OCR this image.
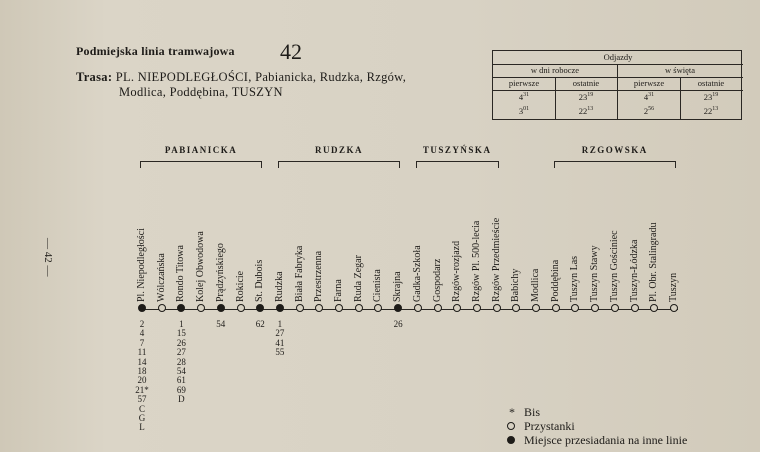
— 42 —
Podmiejska linia tramwajowa 42
Trasa: PL. NIEPODLEGŁOŚCI, Pabianicka, Rudzka, Rzgów,
Modlica, Poddębina, TUSZYN
Odjazdy
w dni robocze	w święta
pierwsze	ostatnie	pierwsze	ostatnie
$4^{31}$	$23^{19}$	$4^{31}$	$23^{19}$
$3^{01}$	$22^{13}$	$2^{56}$	$22^{13}$
PABIANICKA	RUDZKA	TUSZYŃSKA	RZGOWSKA
Pl. Niepodległości
2
4
7
11
14
18
20
21*
57
C
G
L
Wólczańska Rondo Titowa
1
15
26
27
28
54
61
69
D
Kolej Obwodowa Prądzyńskiego
54
Rokicie St. Dubois
62
Rudzka
1
27
41
55
Biała Fabryka Przestrzenna Farna Ruda Zegar Cienista Skrajna
26
Gadka-Szkoła Gospodarz Rzgów-rozjazd Rzgów Pl. 500-lecia Rzgów Przedmieście Babichy Modlica Poddębina Tuszyn Las Tuszyn Stawy Tuszyn Gościniec Tuszyn-Łódzka Pl. Obr. Stalingradu Tuszyn
* Bis
Przystanki
Miejsce przesiadania na inne linie
